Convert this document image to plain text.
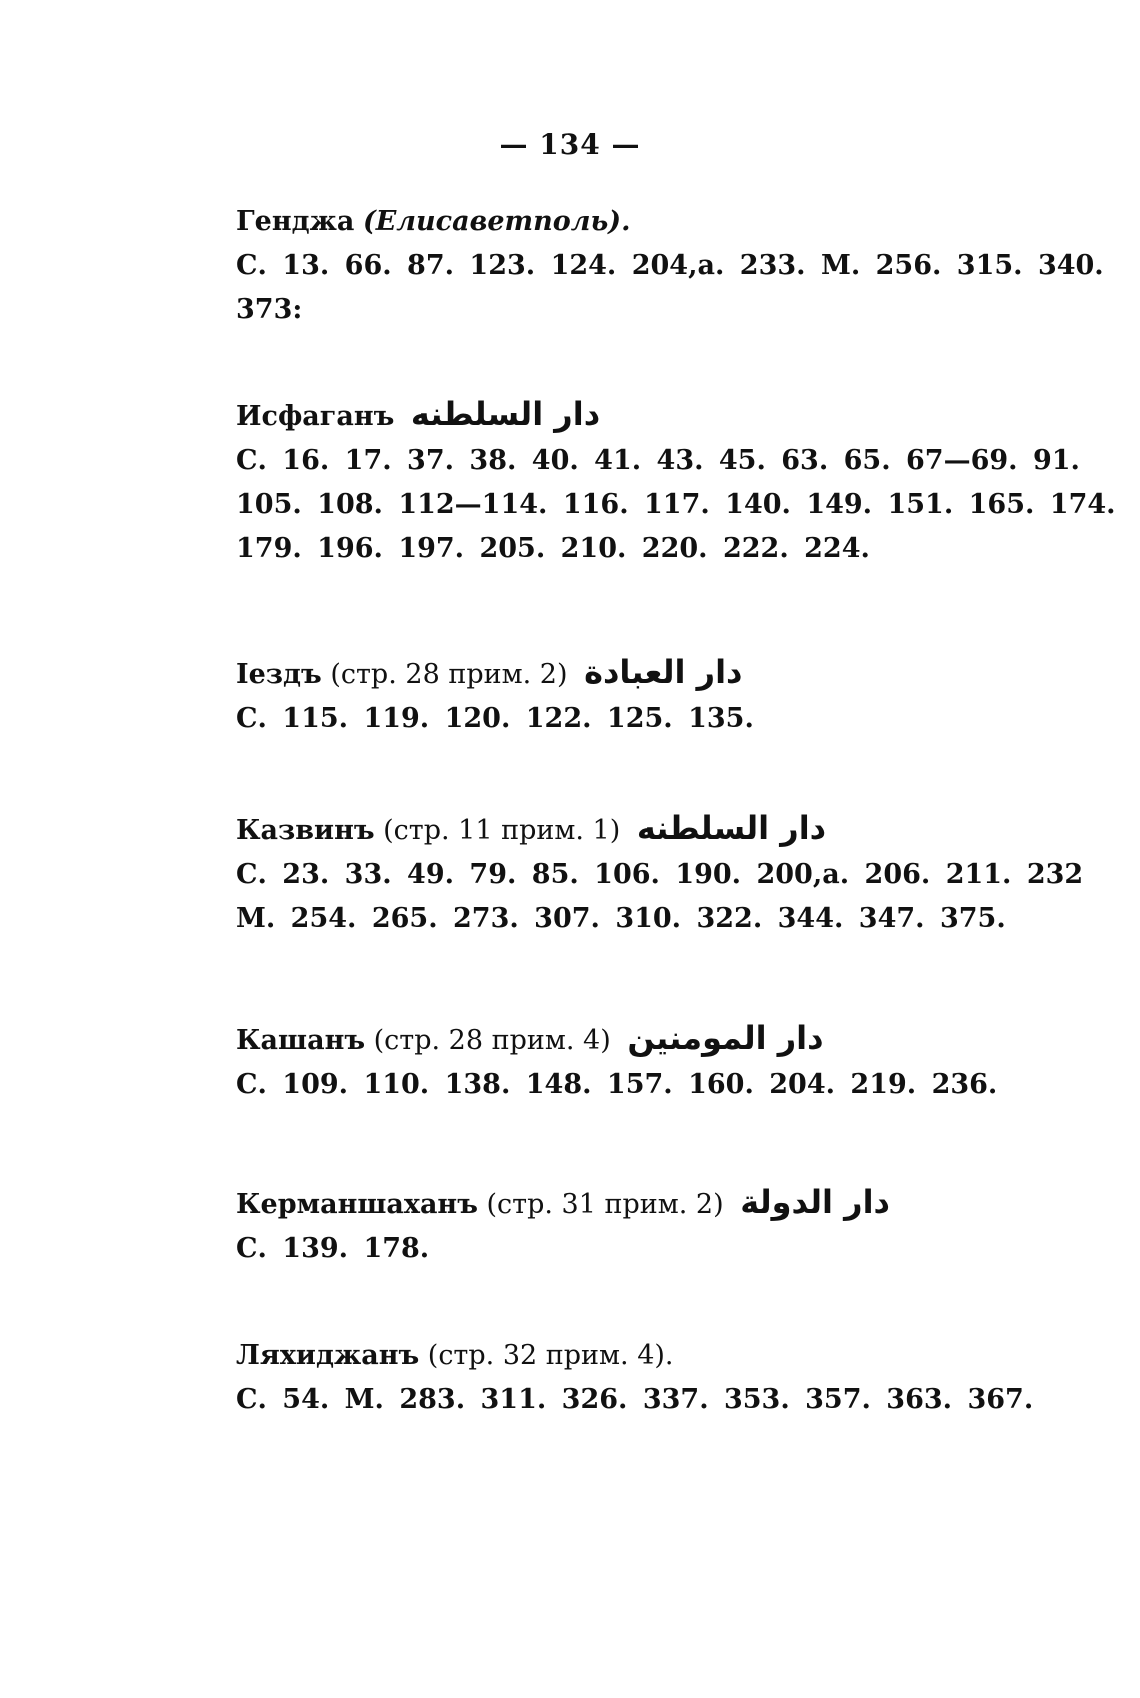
— 134 —
Генджа (Елисаветполь).
С. 13. 66. 87. 123. 124. 204,а. 233. М. 256. 315. 340.
373:
Исфаганъ دار السلطنه
С. 16. 17. 37. 38. 40. 41. 43. 45. 63. 65. 67—69. 91.
105. 108. 112—114. 116. 117. 140. 149. 151. 165. 174.
179. 196. 197. 205. 210. 220. 222. 224.
Іездъ (стр. 28 прим. 2) دار العبادة
С. 115. 119. 120. 122. 125. 135.
Казвинъ (стр. 11 прим. 1) دار السلطنه
С. 23. 33. 49. 79. 85. 106. 190. 200,а. 206. 211. 232
М. 254. 265. 273. 307. 310. 322. 344. 347. 375.
Кашанъ (стр. 28 прим. 4) دار المومنين
С. 109. 110. 138. 148. 157. 160. 204. 219. 236.
Керманшаханъ (стр. 31 прим. 2) دار الدولة
С. 139. 178.
Ляхиджанъ (стр. 32 прим. 4).
С. 54. М. 283. 311. 326. 337. 353. 357. 363. 367.
